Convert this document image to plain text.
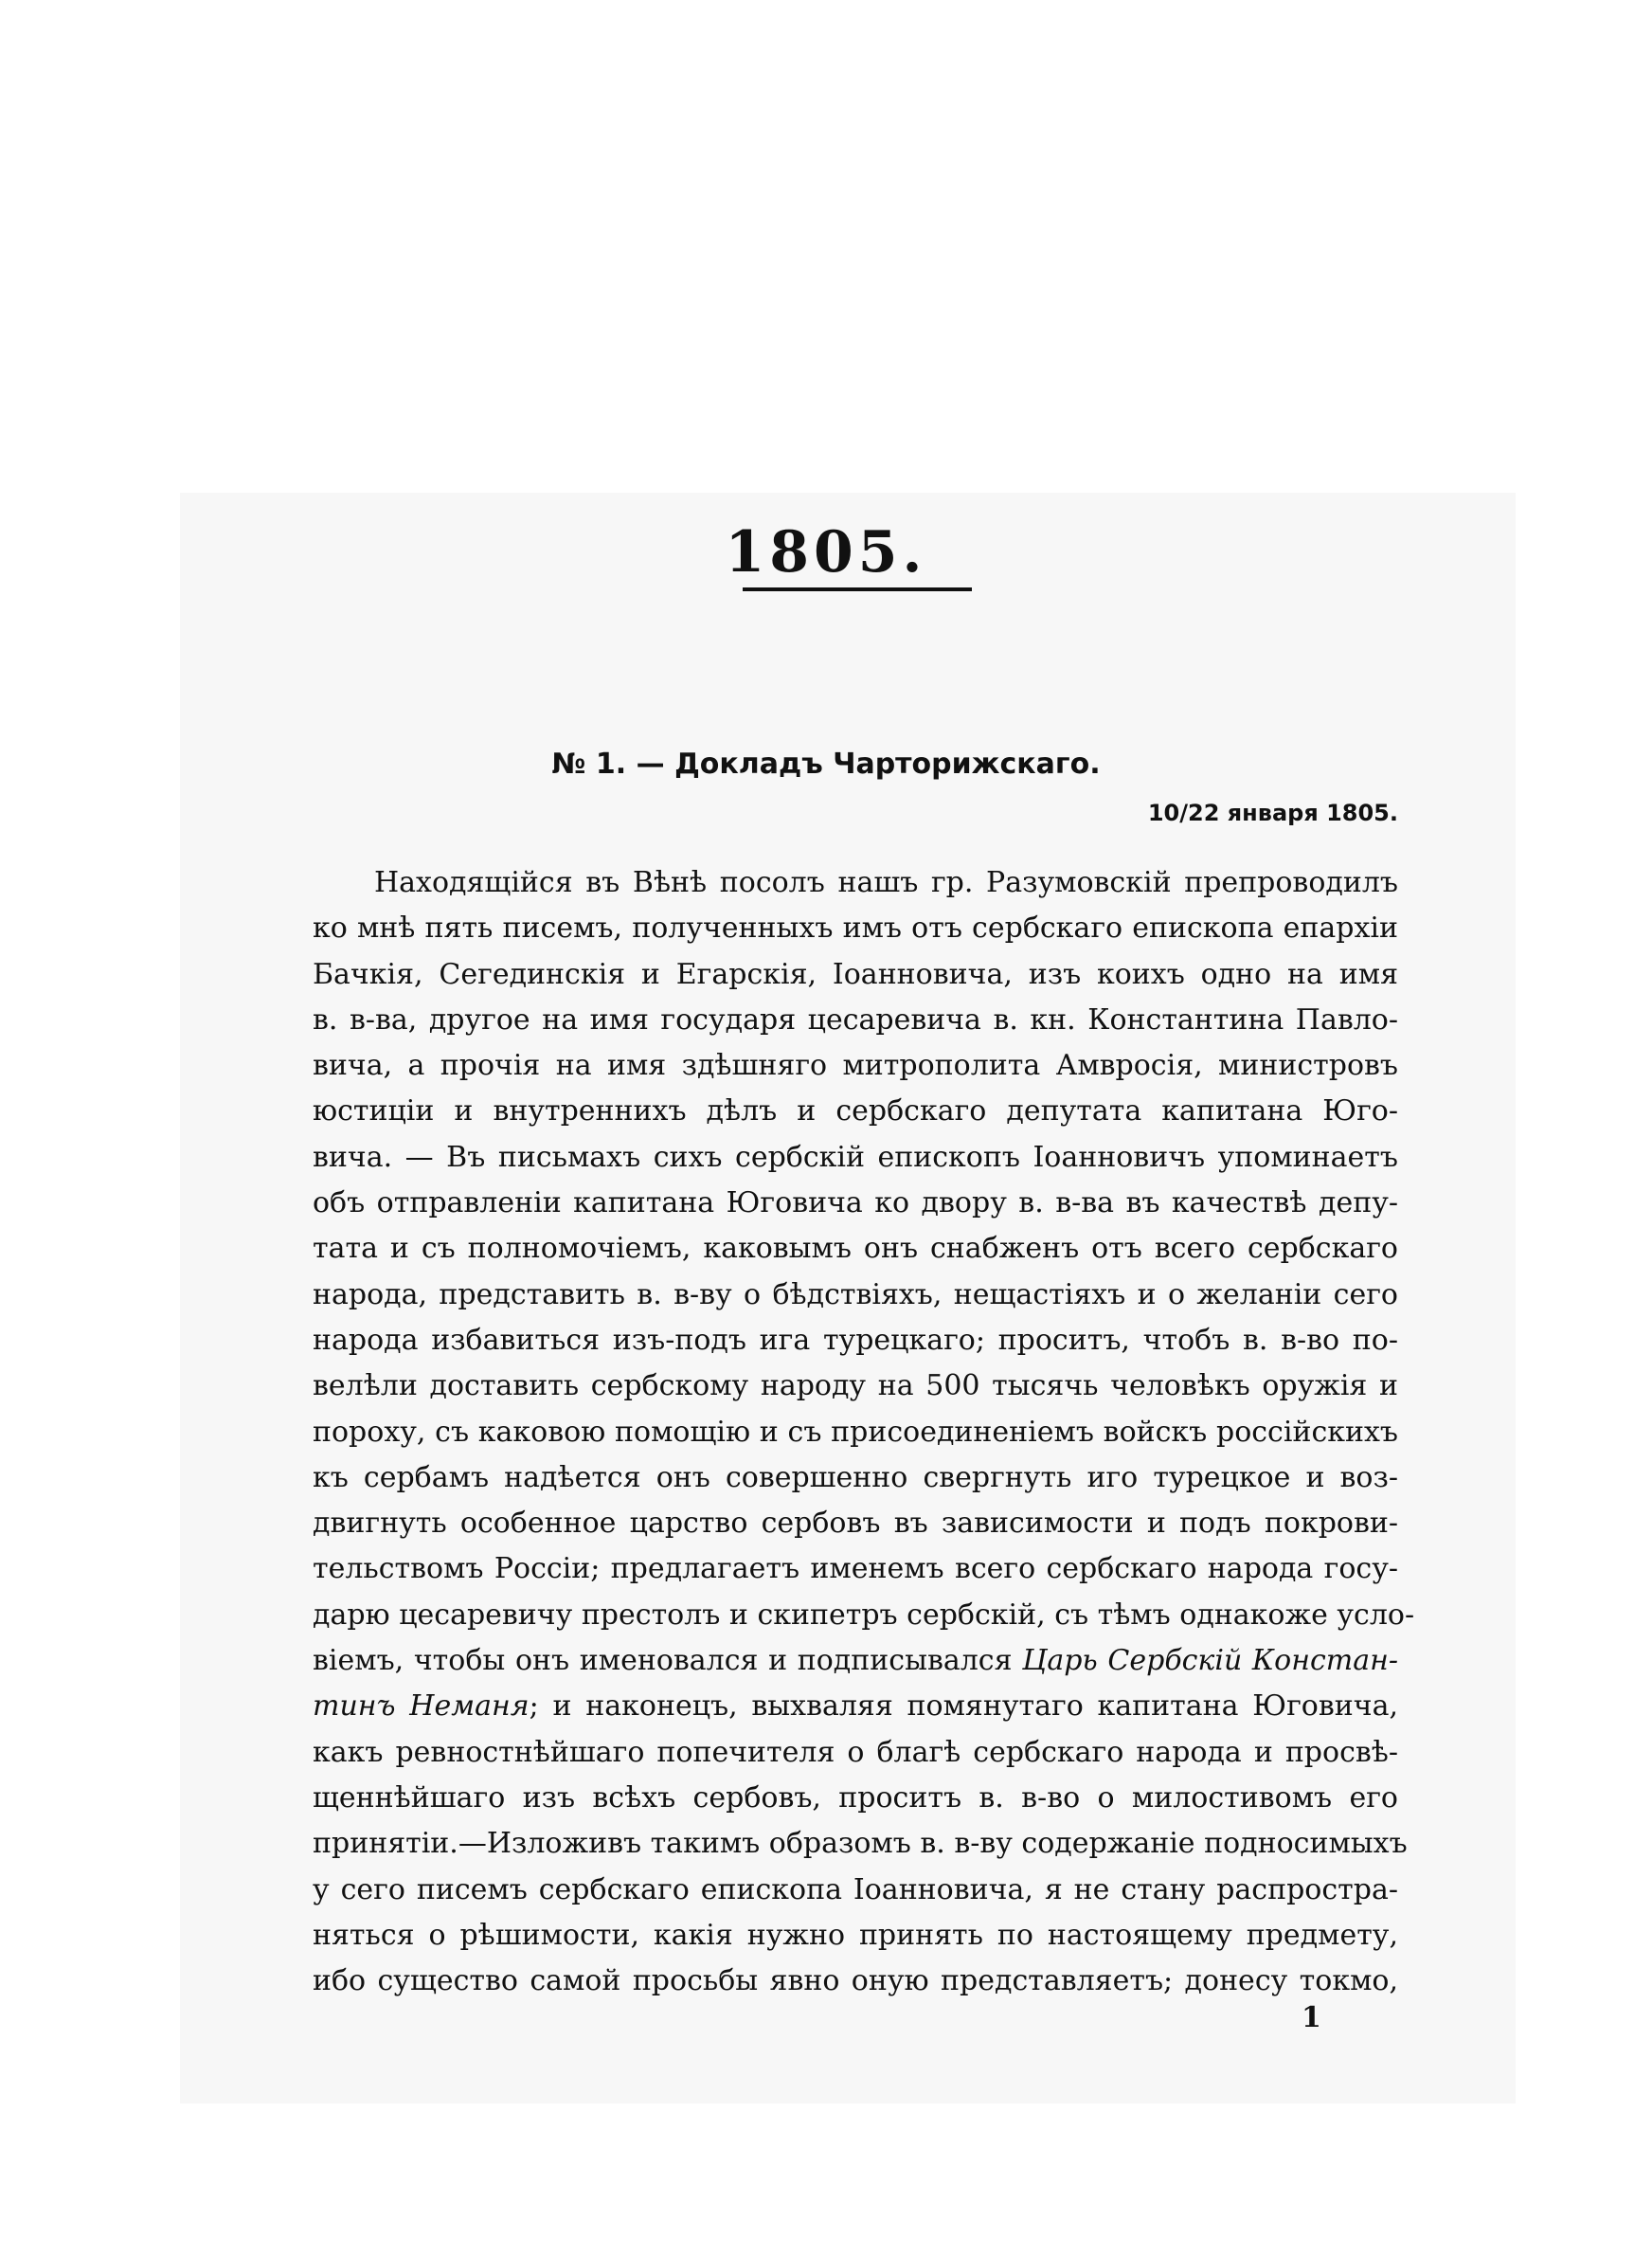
1805.
№ 1. — Докладъ Чарторижскаго.
10/22 января 1805.
Находящійся въ Вѣнѣ посолъ нашъ гр. Разумовскій препроводилъ
ко мнѣ пять писемъ, полученныхъ имъ отъ сербскаго епископа епархіи
Бачкія, Сегединскія и Егарскія, Іоанновича, изъ коихъ одно на имя
в. в-ва, другое на имя государя цесаревича в. кн. Константина Павло-
вича, а прочія на имя здѣшняго митрополита Амвросія, министровъ
юстиціи и внутреннихъ дѣлъ и сербскаго депутата капитана Юго-
вича. — Въ письмахъ сихъ сербскій епископъ Іоанновичъ упоминаетъ
объ отправленіи капитана Юговича ко двору в. в-ва въ качествѣ депу-
тата и съ полномочіемъ, каковымъ онъ снабженъ отъ всего сербскаго
народа, представить в. в-ву о бѣдствіяхъ, нещастіяхъ и о желаніи сего
народа избавиться изъ-подъ ига турецкаго; проситъ, чтобъ в. в-во по-
велѣли доставить сербскому народу на 500 тысячь человѣкъ оружія и
пороху, съ каковою помощію и съ присоединеніемъ войскъ россійскихъ
къ сербамъ надѣется онъ совершенно свергнуть иго турецкое и воз-
двигнуть особенное царство сербовъ въ зависимости и подъ покрови-
тельствомъ Россіи; предлагаетъ именемъ всего сербскаго народа госу-
дарю цесаревичу престолъ и скипетръ сербскій, съ тѣмъ однакоже усло-
віемъ, чтобы онъ именовался и подписывался Царь Сербскій Констан-
тинъ Неманя; и наконецъ, выхваляя помянутаго капитана Юговича,
какъ ревностнѣйшаго попечителя о благѣ сербскаго народа и просвѣ-
щеннѣйшаго изъ всѣхъ сербовъ, проситъ в. в-во о милостивомъ его
принятіи.—Изложивъ такимъ образомъ в. в-ву содержаніе подносимыхъ
у сего писемъ сербскаго епископа Іоанновича, я не стану распростра-
няться о рѣшимости, какія нужно принять по настоящему предмету,
ибо существо самой просьбы явно оную представляетъ; донесу токмо,
1
